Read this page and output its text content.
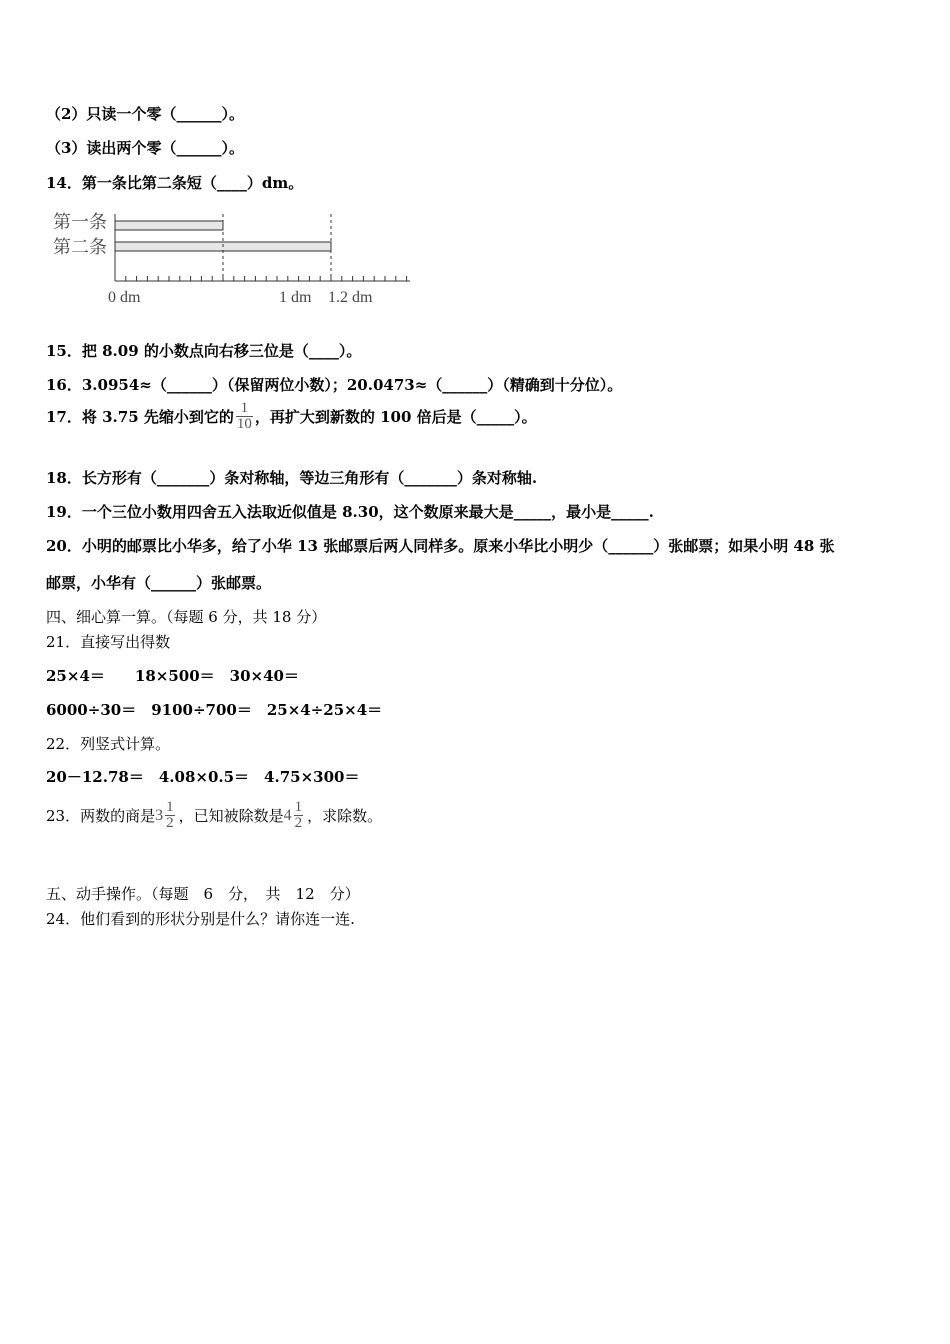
（2）只读一个零（______）。
（3）读出两个零（______）。
14．第一条比第二条短（____）dm。
第一条
第二条
0 dm	1 dm 1.2 dm
15．把 8.09 的小数点向右移三位是（____）。
16．3.0954≈（______）（保留两位小数）；20.0473≈（______）（精确到十分位）。
17．将 3.75 先缩小到它的 $\frac{1}{10}$ ，再扩大到新数的 100 倍后是（_____）。
18．长方形有（_______）条对称轴，等边三角形有（_______）条对称轴.
19．一个三位小数用四舍五入法取近似值是 8.30，这个数原来最大是_____，最小是_____.
20．小明的邮票比小华多，给了小华 13 张邮票后两人同样多。原来小华比小明少（______）张邮票；如果小明 48 张
邮票，小华有（______）张邮票。
四、细心算一算。（每题 6 分，共 18 分）
21．直接写出得数
25×4＝　　18×500＝　30×40＝
6000÷30＝　9100÷700＝　25×4÷25×4＝
22．列竖式计算。
20－12.78＝　4.08×0.5＝　4.75×300＝
23．两数的商是 $3 \frac{1}{2}$ ，已知被除数是 $4 \frac{1}{2}$ ，求除数。
五、动手操作。（每题　6　分，　共　12　分）
24．他们看到的形状分别是什么？请你连一连.
